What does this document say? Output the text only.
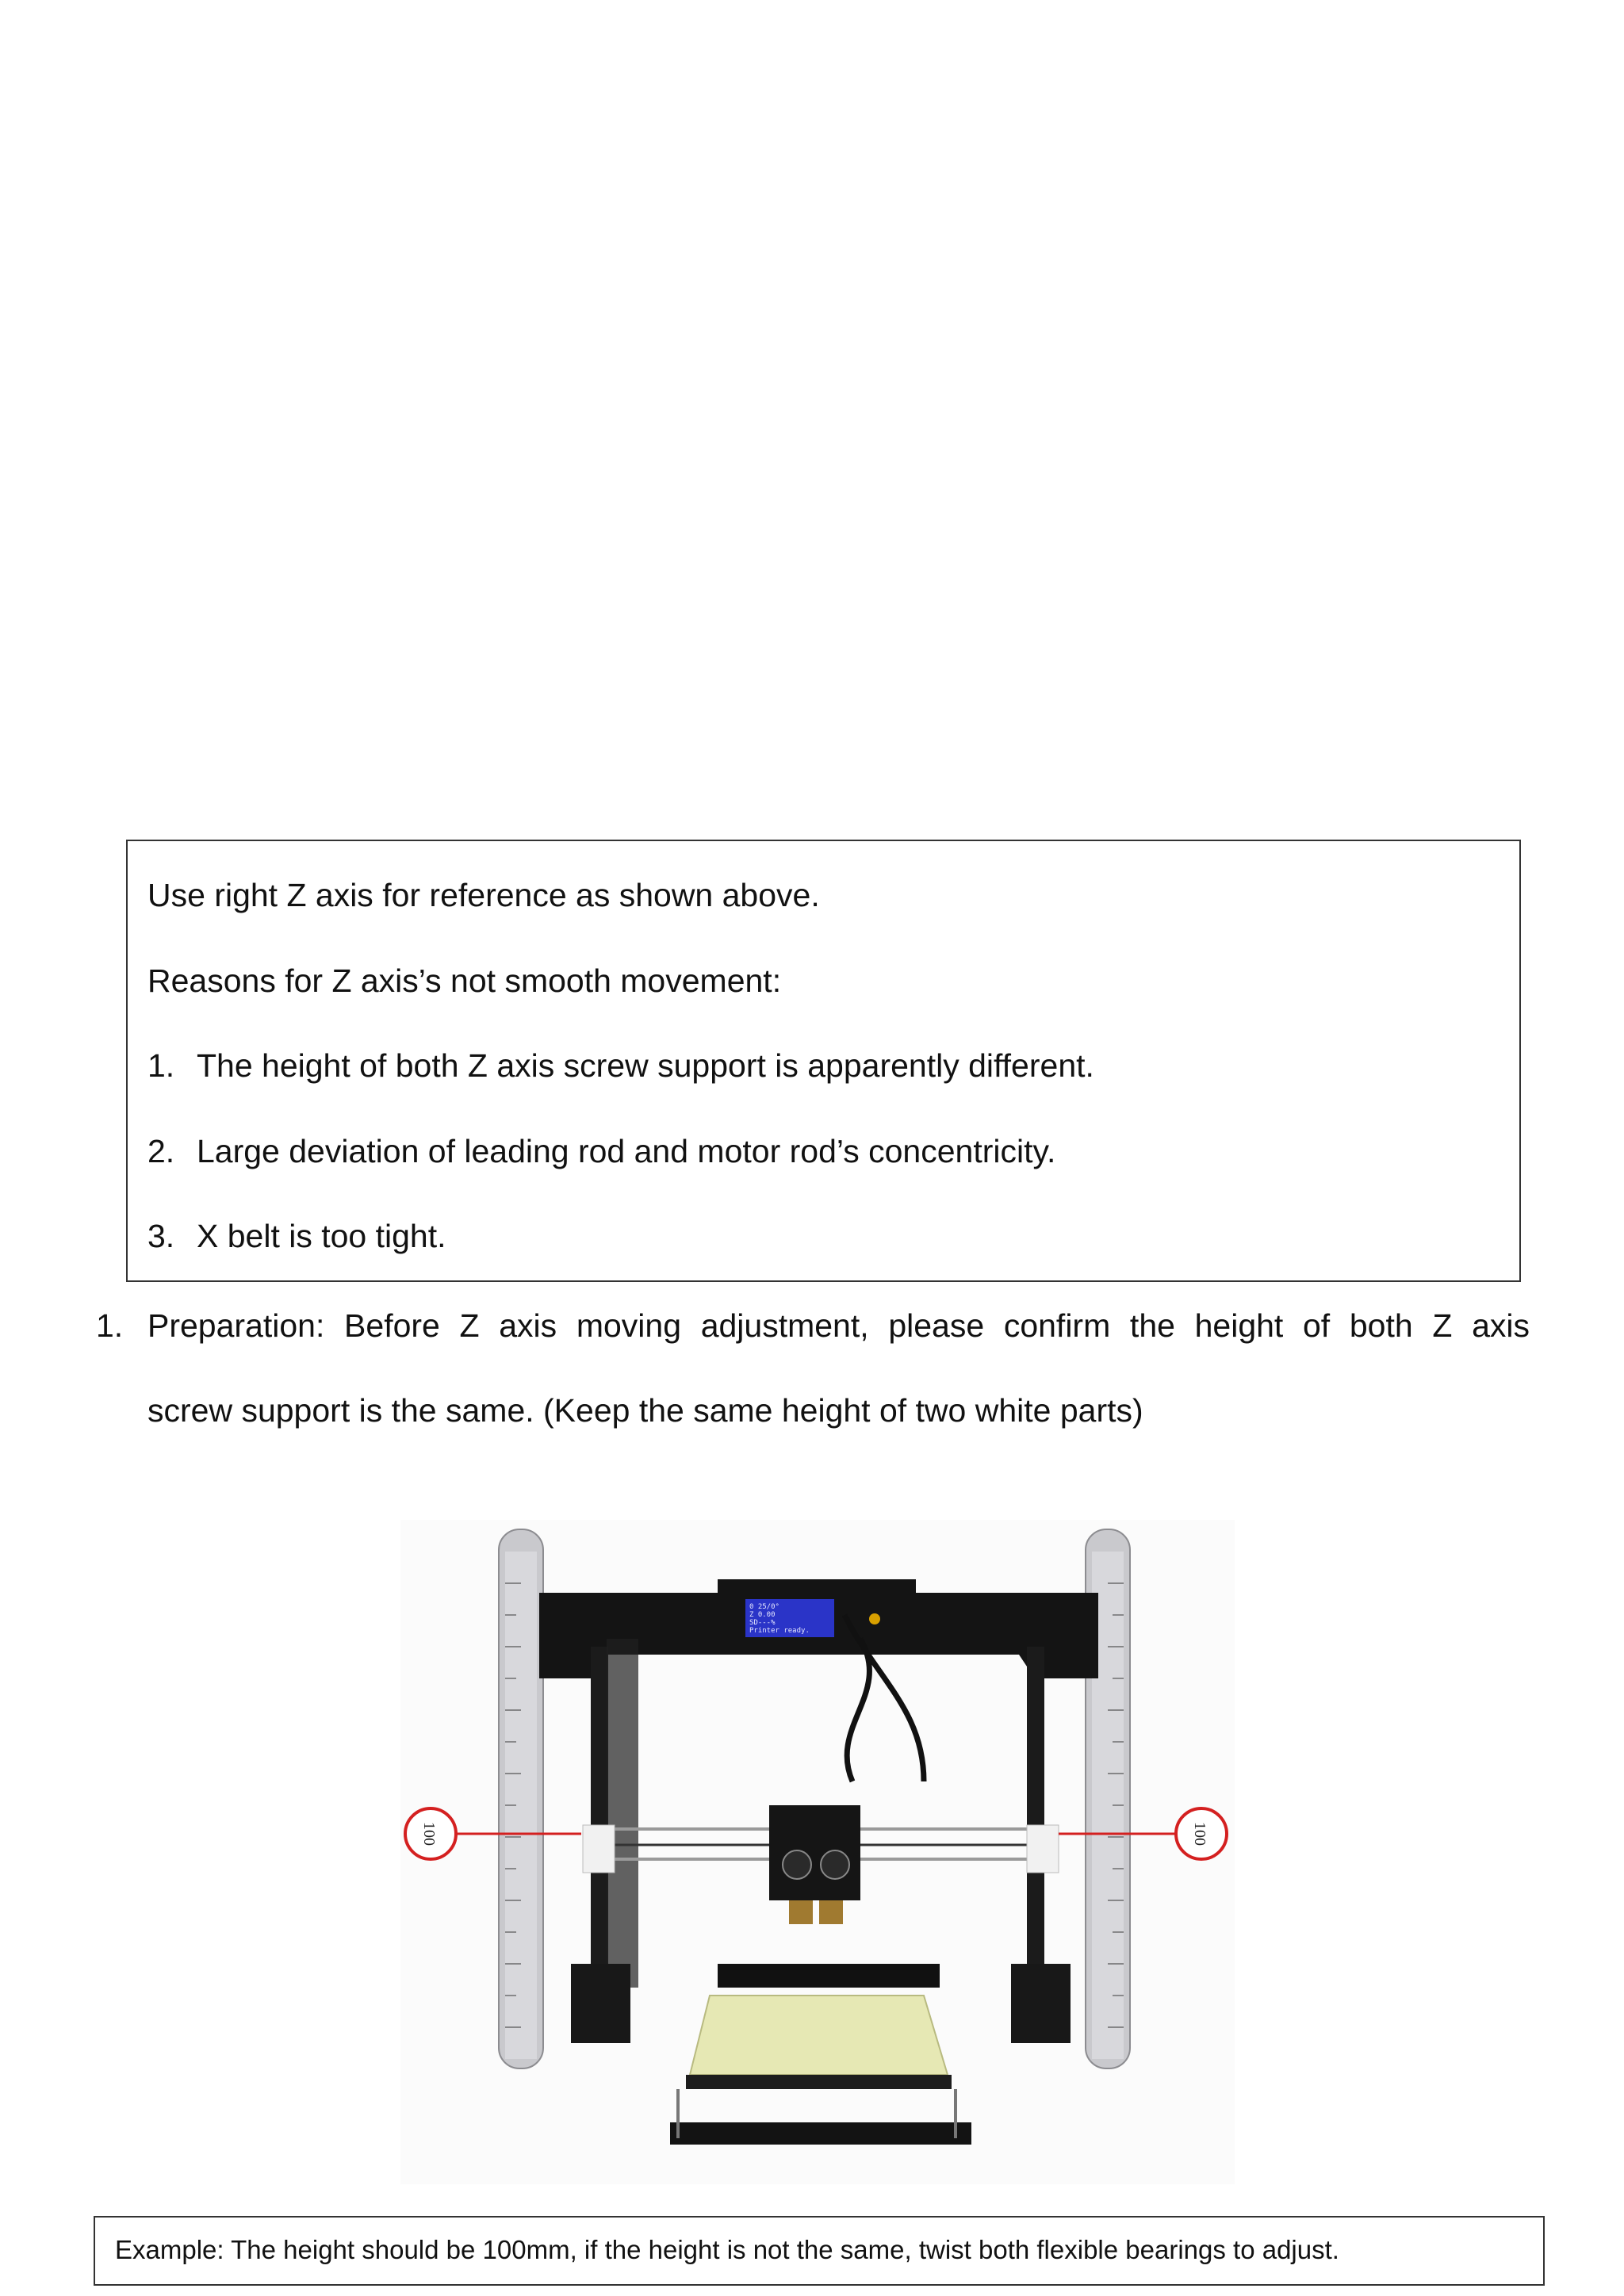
Use right Z axis for reference as shown above.
Reasons for Z axis’s not smooth movement:
1. The height of both Z axis screw support is apparently different.
2. Large deviation of leading rod and motor rod’s concentricity.
3. X belt is too tight.
1. Preparation: Before Z axis moving adjustment, please confirm the height of both Z axis
screw support is the same. (Keep the same height of two white parts)
0 25/0°
Z 0.00
SD---%
Printer ready.
100	100
Example: The height should be 100mm, if the height is not the same, twist both flexible bearings to adjust.
